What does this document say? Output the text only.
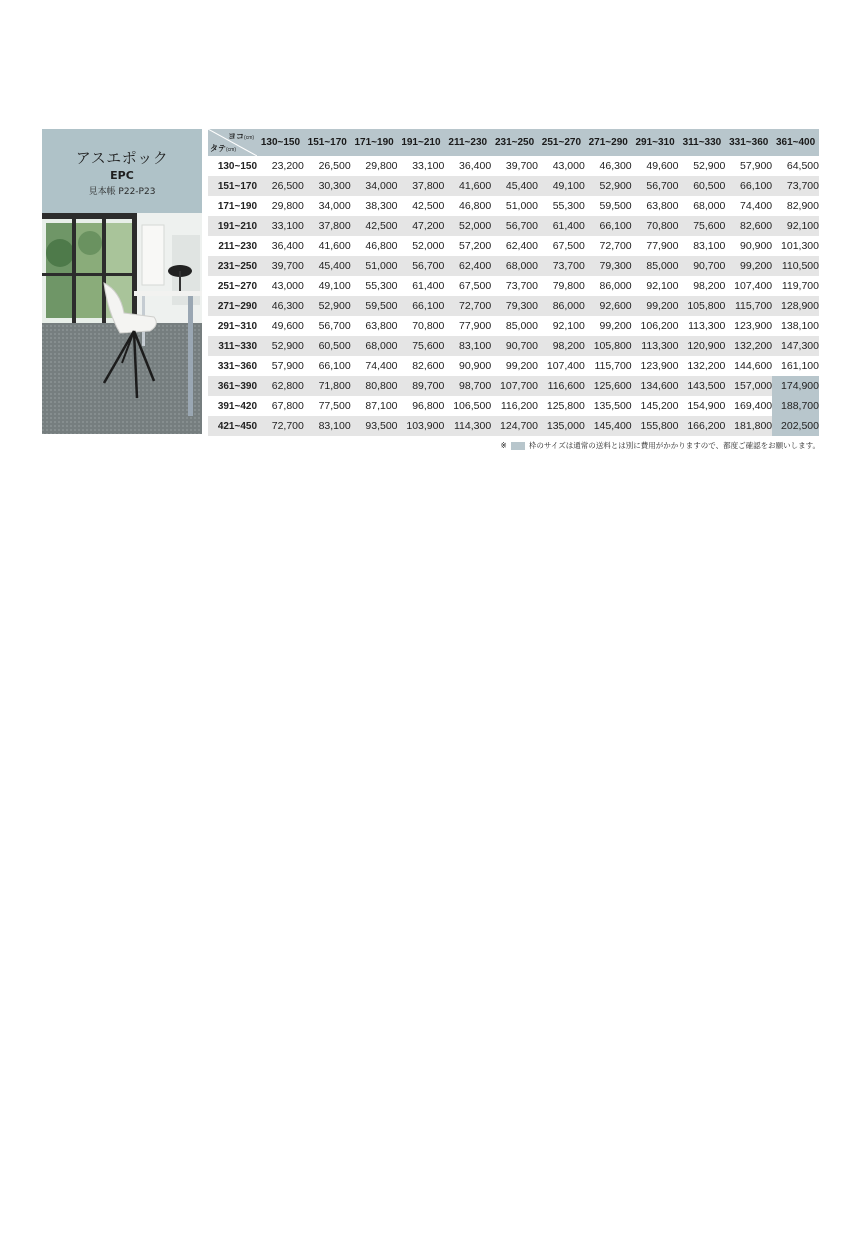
アスエポック
EPC
見本帳 P22-P23
ヨコ(cm)
タテ(cm)	130~150	151~170	171~190	191~210	211~230	231~250	251~270	271~290	291~310	311~330	331~360	361~400
130~150	23,200	26,500	29,800	33,100	36,400	39,700	43,000	46,300	49,600	52,900	57,900	64,500
151~170	26,500	30,300	34,000	37,800	41,600	45,400	49,100	52,900	56,700	60,500	66,100	73,700
171~190	29,800	34,000	38,300	42,500	46,800	51,000	55,300	59,500	63,800	68,000	74,400	82,900
191~210	33,100	37,800	42,500	47,200	52,000	56,700	61,400	66,100	70,800	75,600	82,600	92,100
211~230	36,400	41,600	46,800	52,000	57,200	62,400	67,500	72,700	77,900	83,100	90,900	101,300
231~250	39,700	45,400	51,000	56,700	62,400	68,000	73,700	79,300	85,000	90,700	99,200	110,500
251~270	43,000	49,100	55,300	61,400	67,500	73,700	79,800	86,000	92,100	98,200	107,400	119,700
271~290	46,300	52,900	59,500	66,100	72,700	79,300	86,000	92,600	99,200	105,800	115,700	128,900
291~310	49,600	56,700	63,800	70,800	77,900	85,000	92,100	99,200	106,200	113,300	123,900	138,100
311~330	52,900	60,500	68,000	75,600	83,100	90,700	98,200	105,800	113,300	120,900	132,200	147,300
331~360	57,900	66,100	74,400	82,600	90,900	99,200	107,400	115,700	123,900	132,200	144,600	161,100
361~390	62,800	71,800	80,800	89,700	98,700	107,700	116,600	125,600	134,600	143,500	157,000	174,900
391~420	67,800	77,500	87,100	96,800	106,500	116,200	125,800	135,500	145,200	154,900	169,400	188,700
421~450	72,700	83,100	93,500	103,900	114,300	124,700	135,000	145,400	155,800	166,200	181,800	202,500
※	枠のサイズは通常の送料とは別に費用がかかりますので、都度ご確認をお願いします。
